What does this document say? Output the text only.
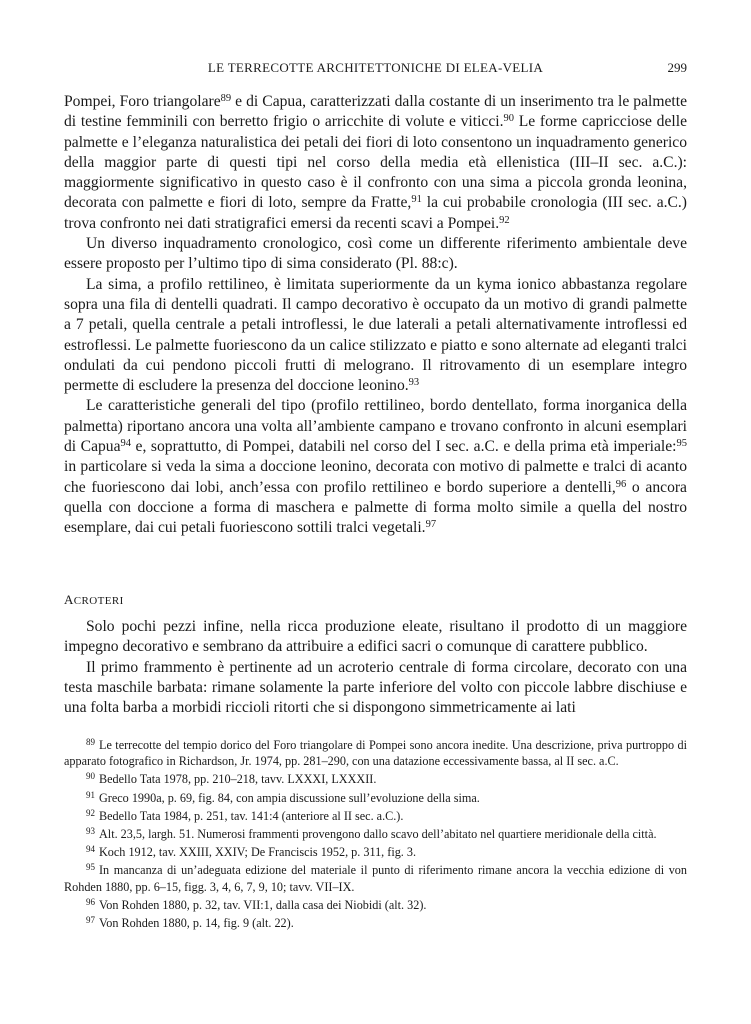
LE TERRECOTTE ARCHITETTONICHE DI ELEA-VELIA	299

Pompei, Foro triangolare$^{89}$ e di Capua, caratterizzati dalla costante di un inserimento tra le palmette di testine femminili con berretto frigio o arricchite di volute e viticci.$^{90}$ Le forme capricciose delle palmette e l’eleganza naturalistica dei petali dei fiori di loto consentono un inquadramento generico della maggior parte di questi tipi nel corso della media età ellenistica (III–II sec. a.C.): maggiormente significativo in questo caso è il confronto con una sima a piccola gronda leonina, decorata con palmette e fiori di loto, sempre da Fratte,$^{91}$ la cui probabile cronologia (III sec. a.C.) trova confronto nei dati stratigrafici emersi da recenti scavi a Pompei.$^{92}$

Un diverso inquadramento cronologico, così come un differente riferimento ambientale deve essere proposto per l’ultimo tipo di sima considerato (Pl. 88:c).

La sima, a profilo rettilineo, è limitata superiormente da un kyma ionico abbastanza regolare sopra una fila di dentelli quadrati. Il campo decorativo è occupato da un motivo di grandi palmette a 7 petali, quella centrale a petali introflessi, le due laterali a petali alternativamente introflessi ed estroflessi. Le palmette fuoriescono da un calice stilizzato e piatto e sono alternate ad eleganti tralci ondulati da cui pendono piccoli frutti di melograno. Il ritrovamento di un esemplare integro permette di escludere la presenza del doccione leonino.$^{93}$

Le caratteristiche generali del tipo (profilo rettilineo, bordo dentellato, forma inorganica della palmetta) riportano ancora una volta all’ambiente campano e trovano confronto in alcuni esemplari di Capua$^{94}$ e, soprattutto, di Pompei, databili nel corso del I sec. a.C. e della prima età imperiale:$^{95}$ in particolare si veda la sima a doccione leonino, decorata con motivo di palmette e tralci di acanto che fuoriescono dai lobi, anch’essa con profilo rettilineo e bordo superiore a dentelli,$^{96}$ o ancora quella con doccione a forma di maschera e palmette di forma molto simile a quella del nostro esemplare, dai cui petali fuoriescono sottili tralci vegetali.$^{97}$

ACROTERI

Solo pochi pezzi infine, nella ricca produzione eleate, risultano il prodotto di un maggiore impegno decorativo e sembrano da attribuire a edifici sacri o comunque di carattere pubblico.

Il primo frammento è pertinente ad un acroterio centrale di forma circolare, decorato con una testa maschile barbata: rimane solamente la parte inferiore del volto con piccole labbre dischiuse e una folta barba a morbidi riccioli ritorti che si dispongono simmetricamente ai lati

$^{89}$ Le terrecotte del tempio dorico del Foro triangolare di Pompei sono ancora inedite. Una descrizione, priva purtroppo di apparato fotografico in Richardson, Jr. 1974, pp. 281–290, con una datazione eccessivamente bassa, al II sec. a.C.

$^{90}$ Bedello Tata 1978, pp. 210–218, tavv. LXXXI, LXXXII.

$^{91}$ Greco 1990a, p. 69, fig. 84, con ampia discussione sull’evoluzione della sima.

$^{92}$ Bedello Tata 1984, p. 251, tav. 141:4 (anteriore al II sec. a.C.).

$^{93}$ Alt. 23,5, largh. 51. Numerosi frammenti provengono dallo scavo dell’abitato nel quartiere meridionale della città.

$^{94}$ Koch 1912, tav. XXIII, XXIV; De Franciscis 1952, p. 311, fig. 3.

$^{95}$ In mancanza di un’adeguata edizione del materiale il punto di riferimento rimane ancora la vecchia edizione di von Rohden 1880, pp. 6–15, figg. 3, 4, 6, 7, 9, 10; tavv. VII–IX.

$^{96}$ Von Rohden 1880, p. 32, tav. VII:1, dalla casa dei Niobidi (alt. 32).

$^{97}$ Von Rohden 1880, p. 14, fig. 9 (alt. 22).
